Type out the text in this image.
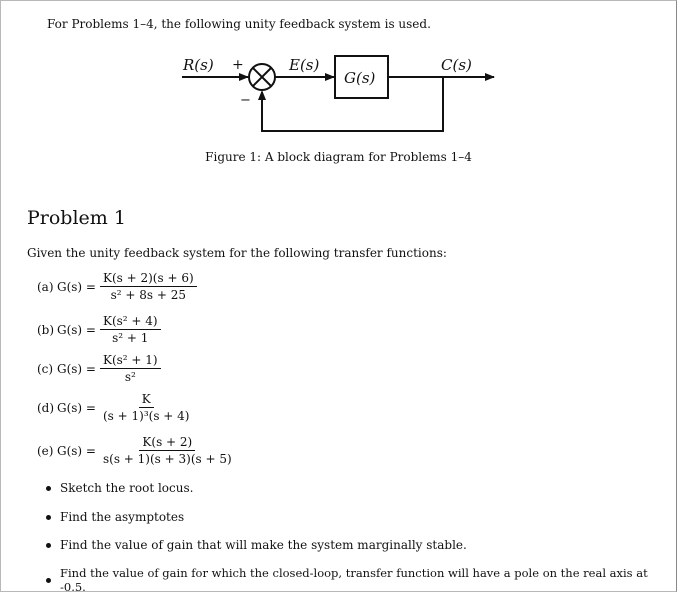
For Problems 1–4, the following unity feedback system is used.
R(s) +
−
E(s)
G(s)
C(s)
Figure 1: A block diagram for Problems 1–4
Problem 1
Given the unity feedback system for the following transfer functions:
(a) $G(s) = \frac{K(s + 2)(s + 6)}{\text{s² + 8s + 25}}$
(b) $G(s) = \frac{\text{K(s² + 4)}}{\text{s² + 1}}$
(c) $G(s) = \frac{\text{K(s² + 1)}}{\text{s²}}$
(d) $G(s) = \frac{K}{\text{(s + 1)³(s + 4)}}$
(e) $G(s) = \frac{K(s + 2)}{s(s + 1)(s + 3)(s + 5)}$
Sketch the root locus.
Find the asymptotes
Find the value of gain that will make the system marginally stable.
Find the value of gain for which the closed-loop, transfer function will have a pole on the real axis at -0.5.
